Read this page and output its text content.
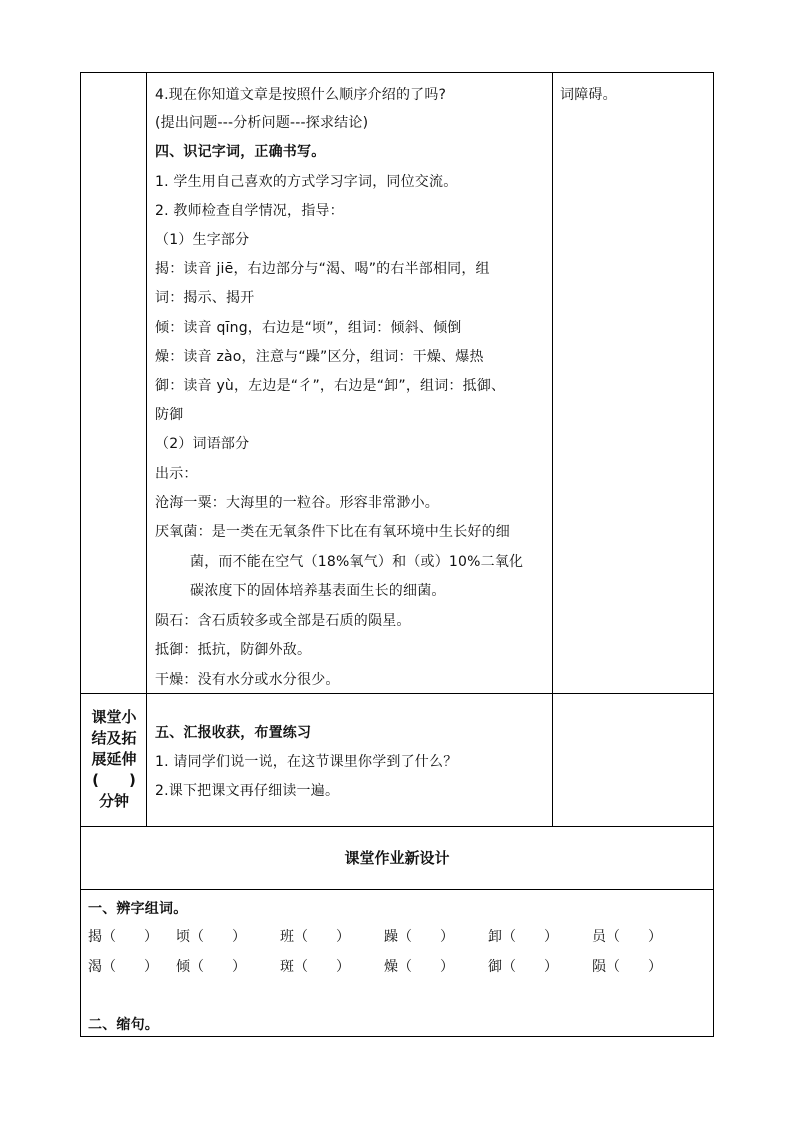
4.现在你知道文章是按照什么顺序介绍的了吗?
(提出问题---分析问题---探求结论)
四、识记字词，正确书写。
1. 学生用自己喜欢的方式学习字词，同位交流。
2. 教师检查自学情况，指导：
（1）生字部分
揭：读音 jiē，右边部分与“渴、喝”的右半部相同，组
词：揭示、揭开
倾：读音 qīng，右边是“顷”，组词：倾斜、倾倒
燥：读音 zào，注意与“躁”区分，组词：干燥、爆热
御：读音 yù，左边是“彳”，右边是“卸”，组词：抵御、
防御
（2）词语部分
出示：
沧海一粟：大海里的一粒谷。形容非常渺小。
厌氧菌：是一类在无氧条件下比在有氧环境中生长好的细
菌，而不能在空气（18%氧气）和（或）10%二氧化
碳浓度下的固体培养基表面生长的细菌。
陨石：含石质较多或全部是石质的陨星。
抵御：抵抗，防御外敌。
干燥：没有水分或水分很少。
词障碍。
课堂小
结及拓
展延伸
(　　)
分钟
五、汇报收获，布置练习
1. 请同学们说一说，在这节课里你学到了什么？
2.课下把课文再仔细读一遍。
课堂作业新设计
一、辨字组词。
揭（　　） 顷（　　） 班（　　） 躁（　　） 卸（　　） 员（　　）
渴（　　） 倾（　　） 斑（　　） 燥（　　） 御（　　） 陨（　　）
二、缩句。
